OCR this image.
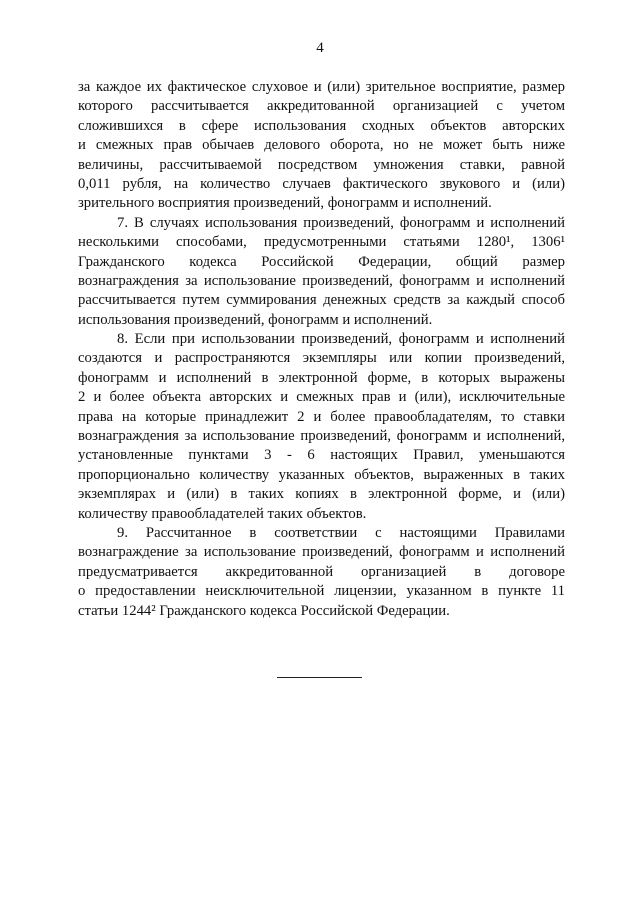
4
за каждое их фактическое слуховое и (или) зрительное восприятие, размер
которого рассчитывается аккредитованной организацией с учетом
сложившихся в сфере использования сходных объектов авторских
и смежных прав обычаев делового оборота, но не может быть ниже
величины, рассчитываемой посредством умножения ставки, равной
0,011 рубля, на количество случаев фактического звукового и (или)
зрительного восприятия произведений, фонограмм и исполнений.
7. В случаях использования произведений, фонограмм и исполнений
несколькими способами, предусмотренными статьями 1280¹, 1306¹
Гражданского кодекса Российской Федерации, общий размер
вознаграждения за использование произведений, фонограмм и исполнений
рассчитывается путем суммирования денежных средств за каждый способ
использования произведений, фонограмм и исполнений.
8. Если при использовании произведений, фонограмм и исполнений
создаются и распространяются экземпляры или копии произведений,
фонограмм и исполнений в электронной форме, в которых выражены
2 и более объекта авторских и смежных прав и (или), исключительные
права на которые принадлежит 2 и более правообладателям, то ставки
вознаграждения за использование произведений, фонограмм и исполнений,
установленные пунктами 3 - 6 настоящих Правил, уменьшаются
пропорционально количеству указанных объектов, выраженных в таких
экземплярах и (или) в таких копиях в электронной форме, и (или)
количеству правообладателей таких объектов.
9. Рассчитанное в соответствии с настоящими Правилами
вознаграждение за использование произведений, фонограмм и исполнений
предусматривается аккредитованной организацией в договоре
о предоставлении неисключительной лицензии, указанном в пункте 11
статьи 1244² Гражданского кодекса Российской Федерации.
